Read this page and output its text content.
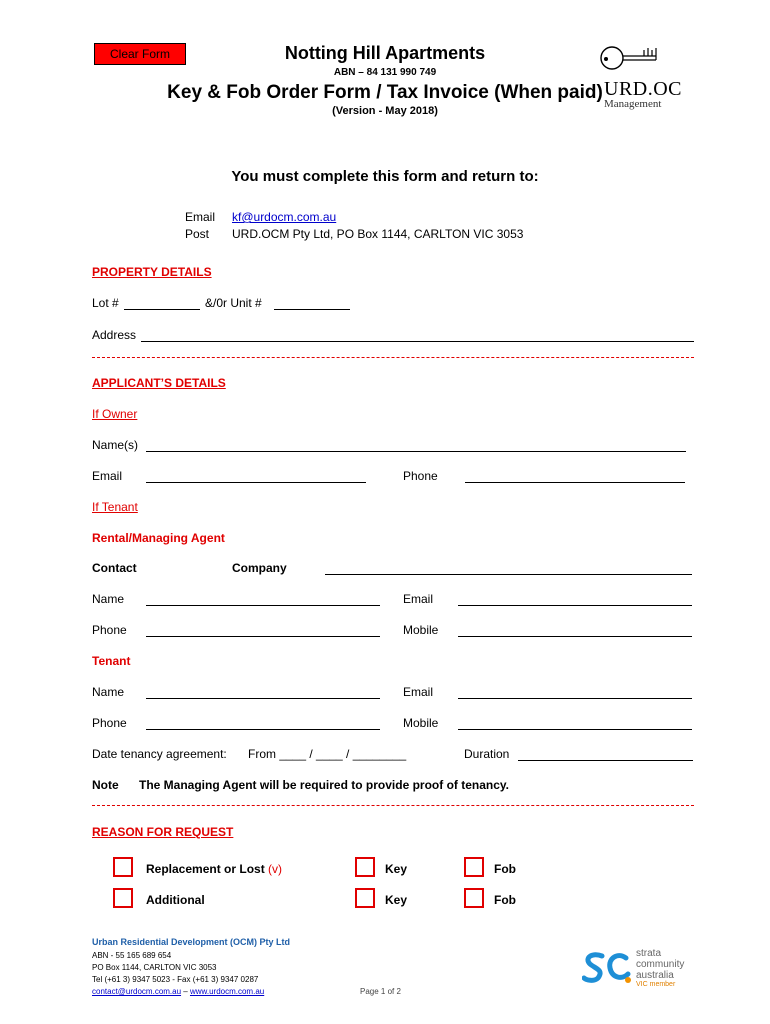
Clear Form	Notting Hill Apartments
ABN – 84 131 990 749
Key & Fob Order Form / Tax Invoice (When paid)
(Version - May 2018)
URD.OC
Management
You must complete this form and return to:
Email kf@urdocm.com.au
Post URD.OCM Pty Ltd, PO Box 1144, CARLTON VIC 3053
PROPERTY DETAILS
Lot #	&/0r Unit #
Address
APPLICANT’S DETAILS
If Owner
Name(s)
Email	Phone
If Tenant
Rental/Managing Agent
Contact	Company
Name	Email
Phone	Mobile
Tenant
Name	Email
Phone	Mobile
Date tenancy agreement: From ____ / ____ / ________	Duration
Note The Managing Agent will be required to provide proof of tenancy.
REASON FOR REQUEST
Replacement or Lost (v)	Key	Fob
Additional	Key	Fob
Urban Residential Development (OCM) Pty Ltd
ABN - 55 165 689 654
PO Box 1144, CARLTON VIC 3053
Tel (+61 3) 9347 5023 - Fax (+61 3) 9347 0287
contact@urdocm.com.au – www.urdocm.com.au	Page 1 of 2
strata
community
australia
VIC member
